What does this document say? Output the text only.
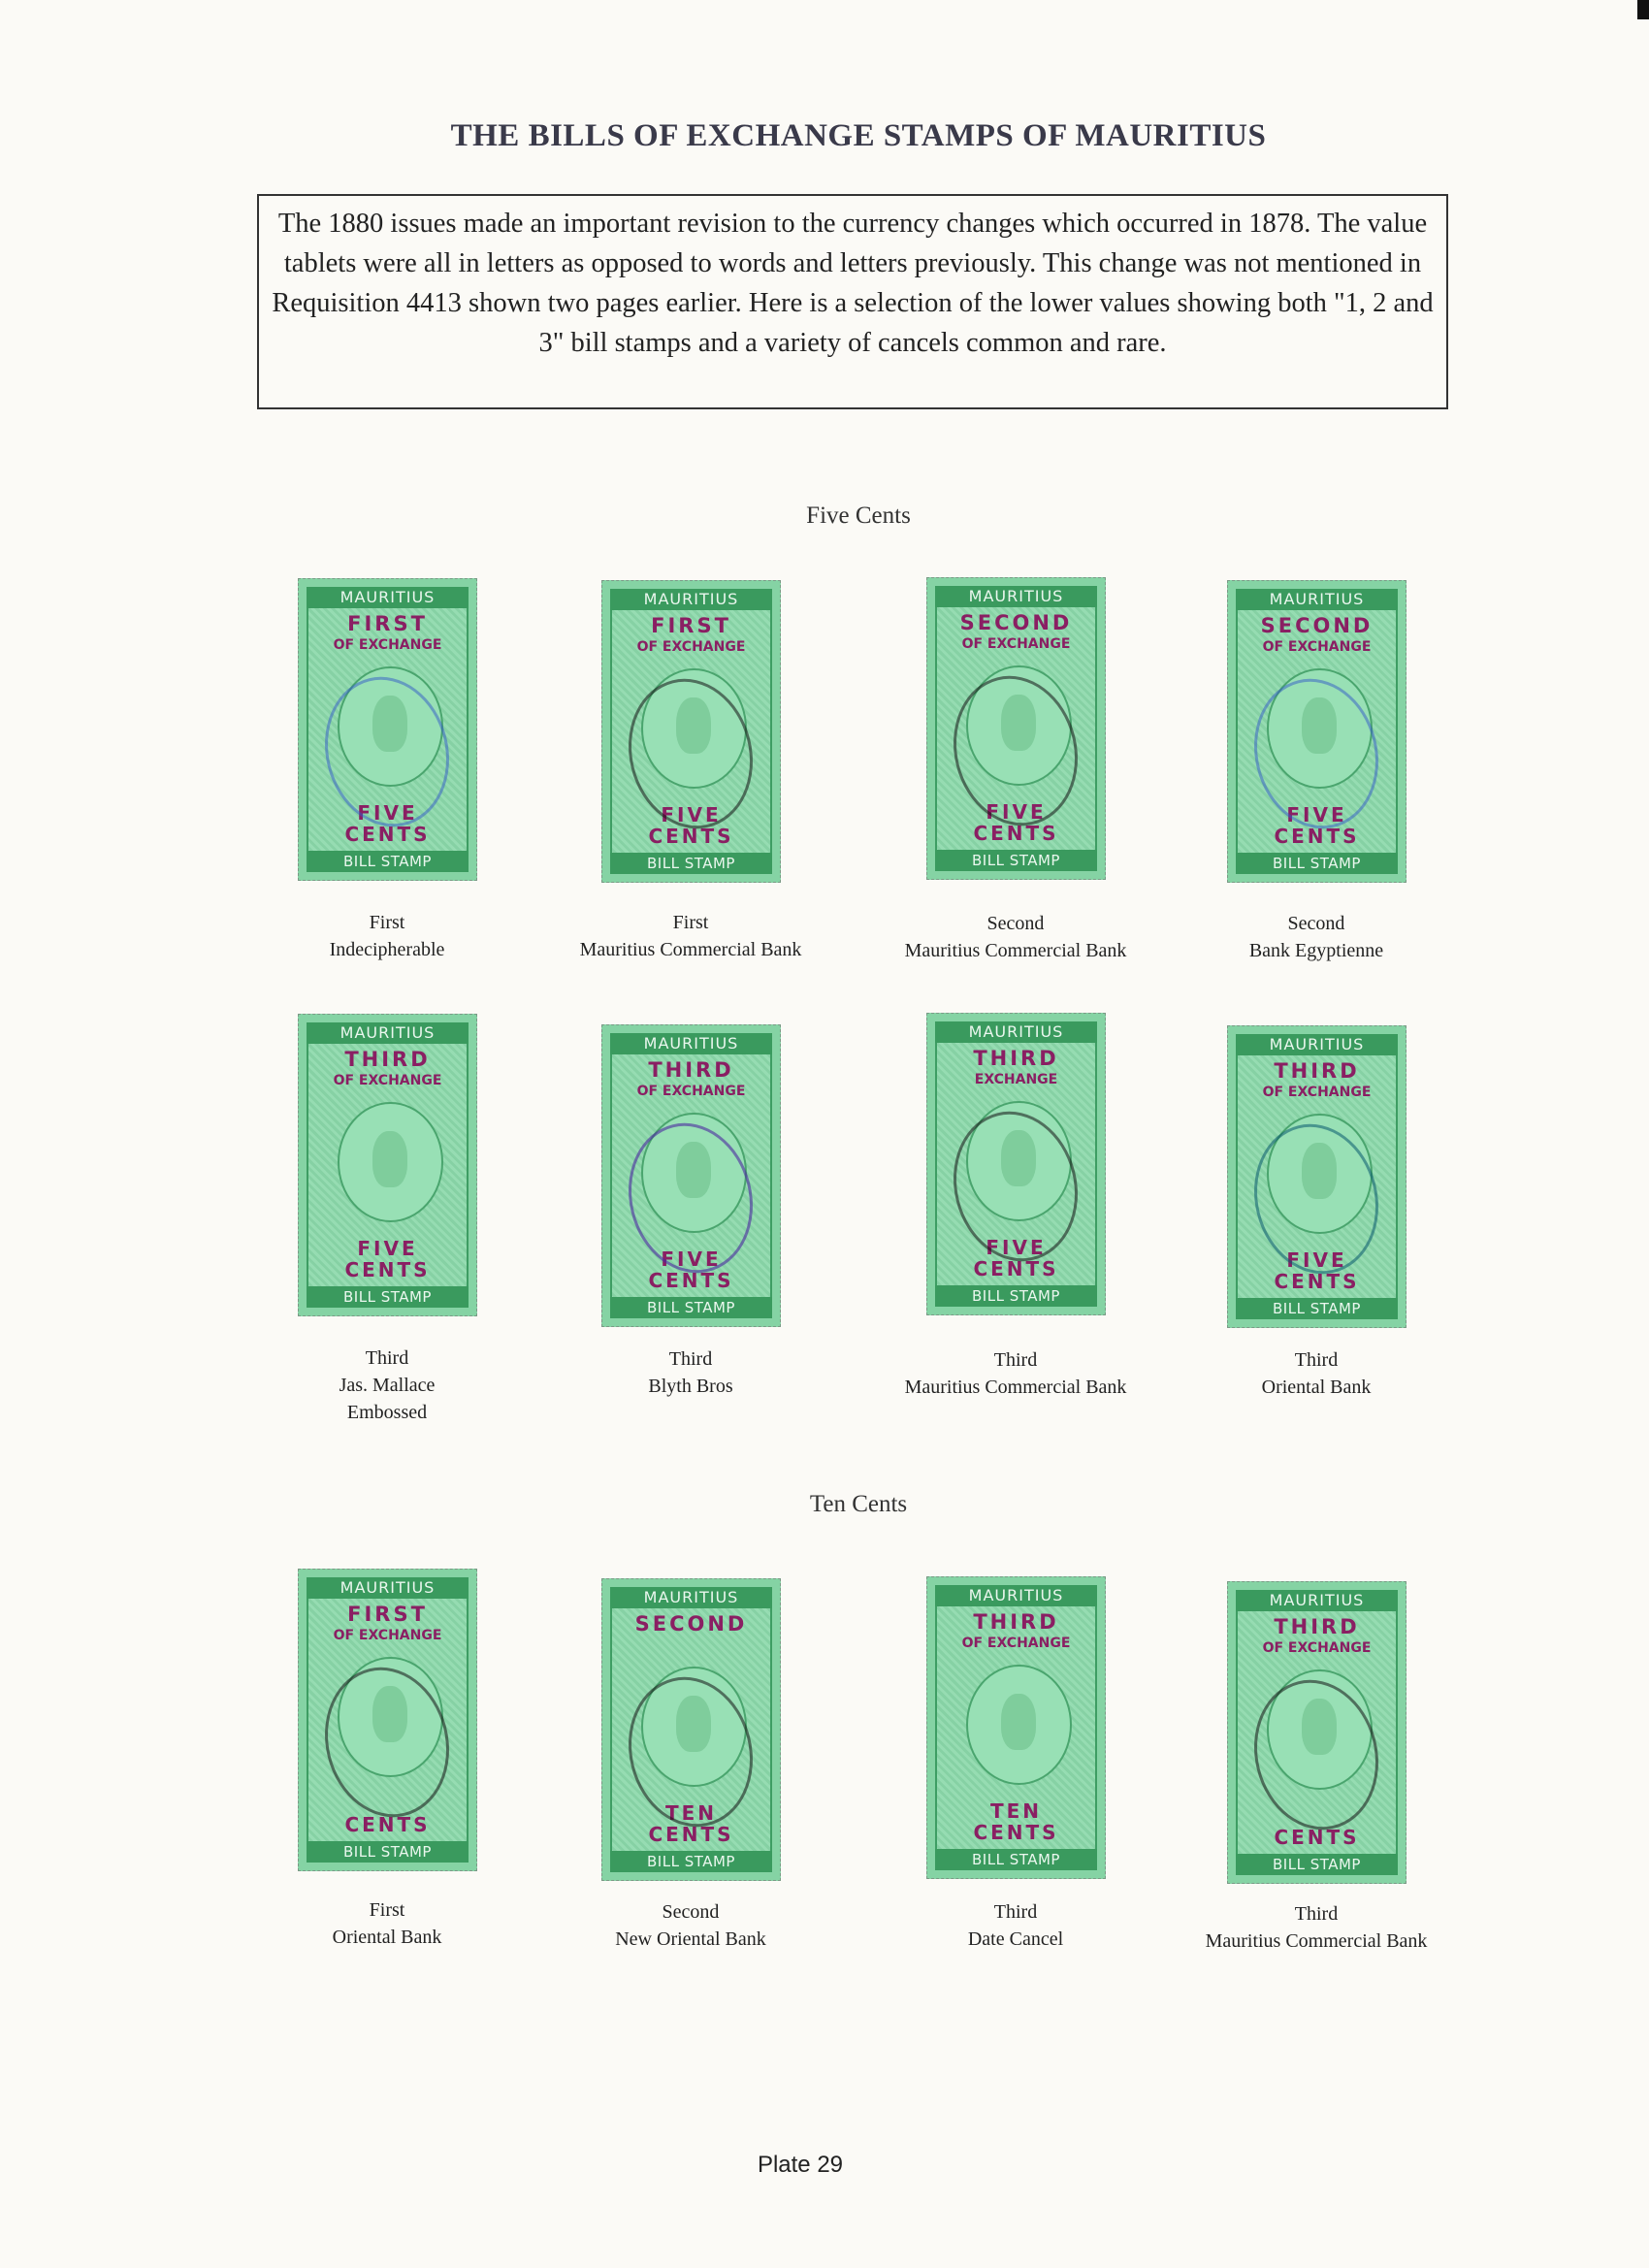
THE BILLS OF EXCHANGE STAMPS OF MAURITIUS
The 1880 issues made an important revision to the currency changes which occurred in 1878. The value tablets were all in letters as opposed to words and letters previously. This change was not mentioned in Requisition 4413 shown two pages earlier. Here is a selection of the lower values showing both "1, 2 and 3" bill stamps and a variety of cancels common and rare.
Five Cents
Ten Cents
MAURITIUS
FIRST
OF EXCHANGE
FIVE
CENTS
BILL STAMP
First
Indecipherable
MAURITIUS
FIRST
OF EXCHANGE
FIVE
CENTS
BILL STAMP
First
Mauritius Commercial Bank
MAURITIUS
SECOND
OF EXCHANGE
FIVE
CENTS
BILL STAMP
Second
Mauritius Commercial Bank
MAURITIUS
SECOND
OF EXCHANGE
FIVE
CENTS
BILL STAMP
Second
Bank Egyptienne
MAURITIUS
THIRD
OF EXCHANGE
FIVE
CENTS
BILL STAMP
Third
Jas. Mallace
Embossed
MAURITIUS
THIRD
OF EXCHANGE
FIVE
CENTS
BILL STAMP
Third
Blyth Bros
MAURITIUS
THIRD
EXCHANGE
FIVE
CENTS
BILL STAMP
Third
Mauritius Commercial Bank
MAURITIUS
THIRD
OF EXCHANGE
FIVE
CENTS
BILL STAMP
Third
Oriental Bank
MAURITIUS
FIRST
OF EXCHANGE
CENTS
BILL STAMP
First
Oriental Bank
MAURITIUS
SECOND
TEN
CENTS
BILL STAMP
Second
New Oriental Bank
MAURITIUS
THIRD
OF EXCHANGE
TEN
CENTS
BILL STAMP
Third
Date Cancel
MAURITIUS
THIRD
OF EXCHANGE
CENTS
BILL STAMP
Third
Mauritius Commercial Bank
Plate 29
